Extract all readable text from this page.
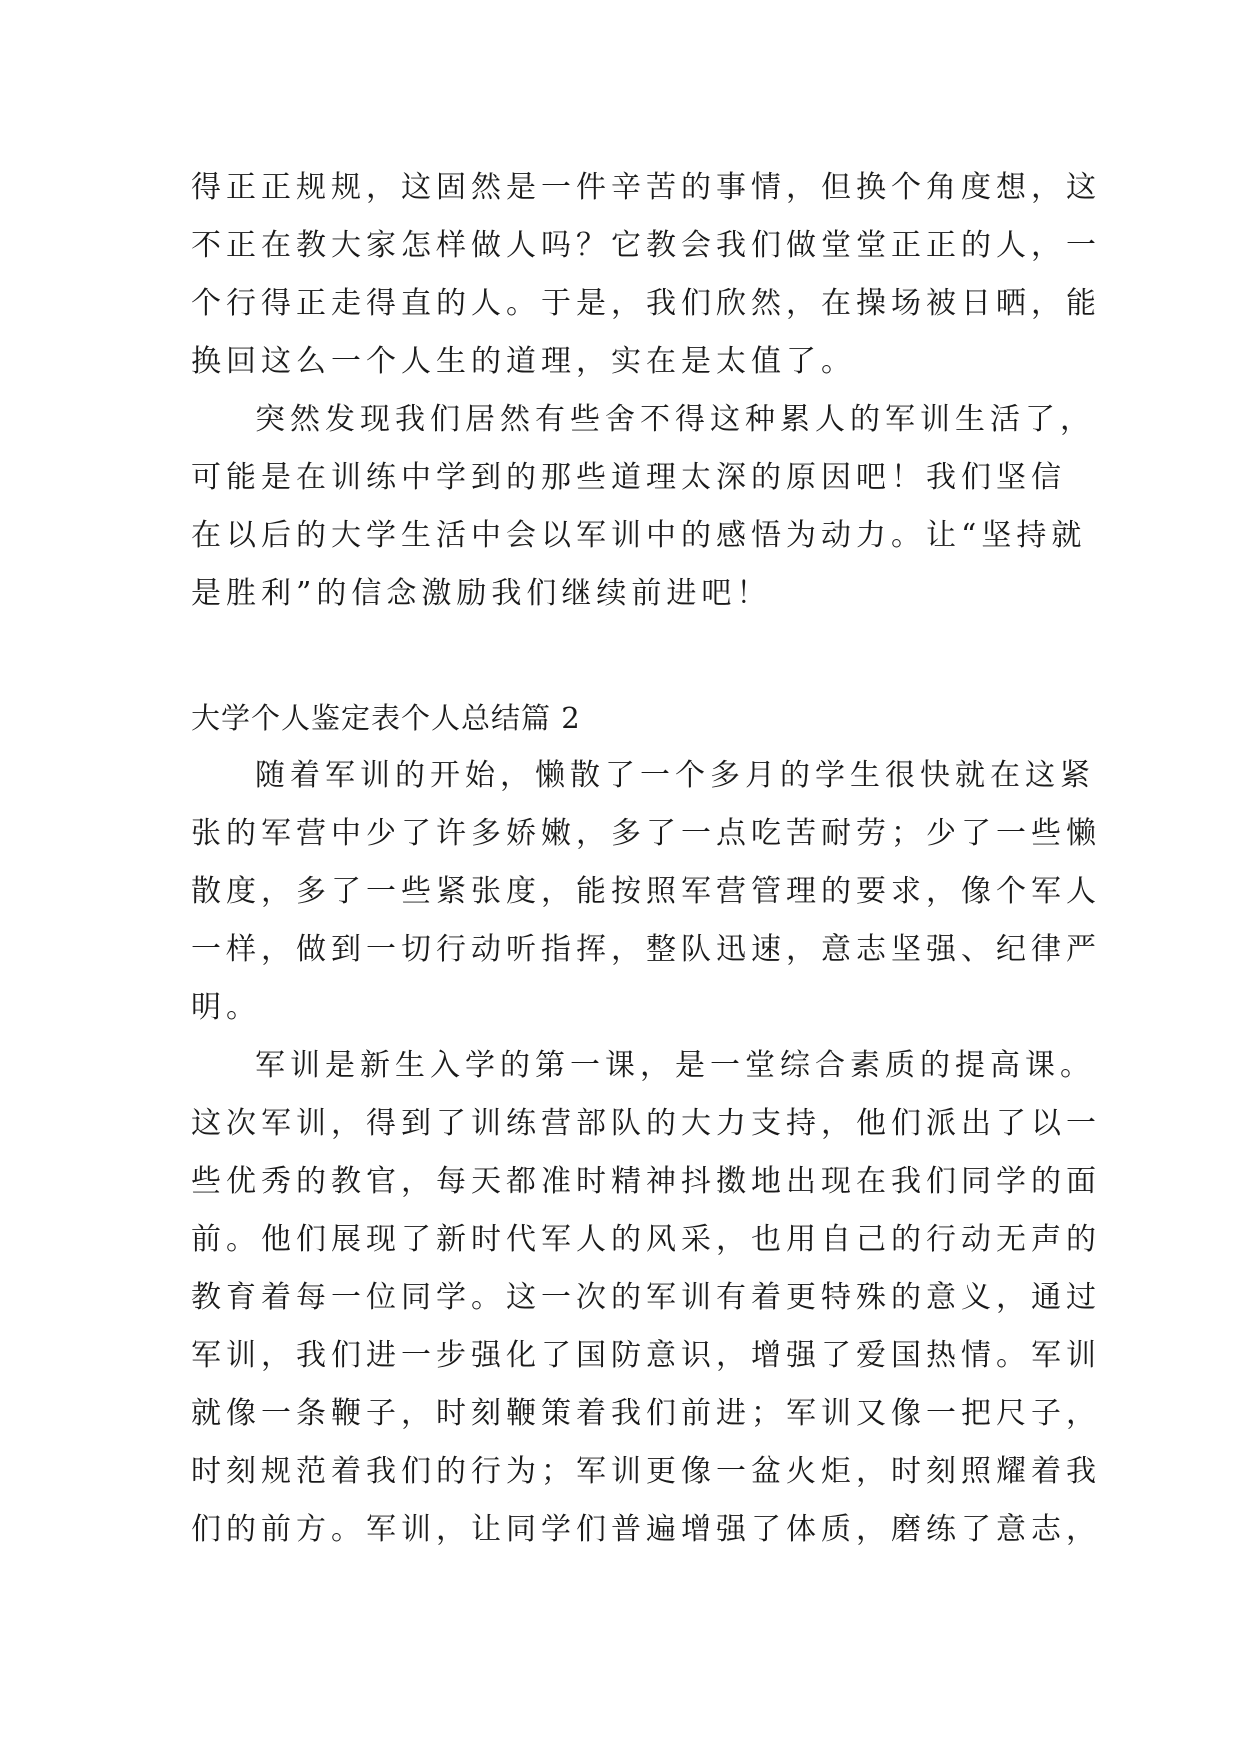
得正正规规，这固然是一件辛苦的事情，但换个角度想，这
不正在教大家怎样做人吗？它教会我们做堂堂正正的人，一
个行得正走得直的人。于是，我们欣然，在操场被日晒，能
换回这么一个人生的道理，实在是太值了。
突然发现我们居然有些舍不得这种累人的军训生活了，
可能是在训练中学到的那些道理太深的原因吧！我们坚信
在以后的大学生活中会以军训中的感悟为动力。让“坚持就
是胜利”的信念激励我们继续前进吧！
大学个人鉴定表个人总结篇 2
随着军训的开始，懒散了一个多月的学生很快就在这紧
张的军营中少了许多娇嫩，多了一点吃苦耐劳；少了一些懒
散度，多了一些紧张度，能按照军营管理的要求，像个军人
一样，做到一切行动听指挥，整队迅速，意志坚强、纪律严
明。
军训是新生入学的第一课，是一堂综合素质的提高课。
这次军训，得到了训练营部队的大力支持，他们派出了以一
些优秀的教官，每天都准时精神抖擞地出现在我们同学的面
前。他们展现了新时代军人的风采，也用自己的行动无声的
教育着每一位同学。这一次的军训有着更特殊的意义，通过
军训，我们进一步强化了国防意识，增强了爱国热情。军训
就像一条鞭子，时刻鞭策着我们前进；军训又像一把尺子，
时刻规范着我们的行为；军训更像一盆火炬，时刻照耀着我
们的前方。军训，让同学们普遍增强了体质，磨练了意志，
